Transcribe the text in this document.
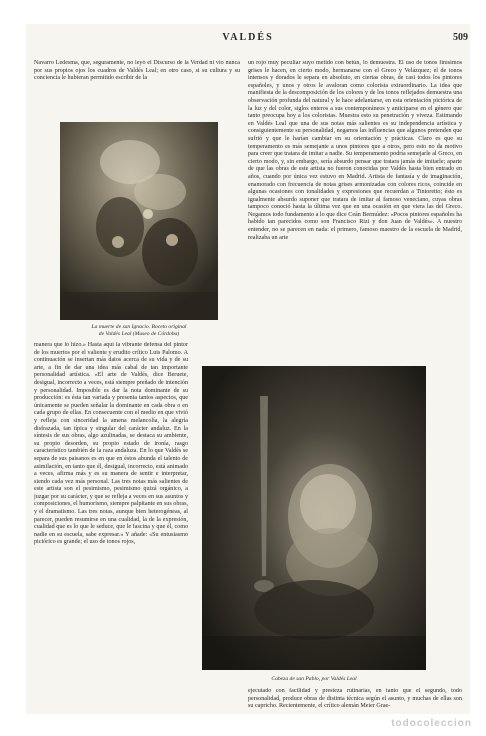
VALDÉS	509

Navarro Ledesma, que, seguramente, no leyó el Discurso de la Verdad ni vio nunca por sus propios ojos los cuadros de Valdés Leal; en otro caso, si su cultura y su conciencia le hubieran permitido escribir de la

La muerte de san Ignacio. Boceto original
de Valdés Leal (Museo de Córdoba)

un rojo muy peculiar suyo metido con betún, lo demuestra. El uso de tonos finísimos grises le hacen, en cierto modo, hermanarse con el Greco y Velázquez; el de tonos intensos y dorados le separa en absoluto, en ciertas obras, de casi todos los pintores españoles, y unos y otros le avaloran como colorista extraordinario. La idea que manifiesta de la descomposición de los colores y de los tonos reflejados demuestra una observación profunda del natural y le hace adelantarse, en esta orientación pictórica de la luz y del color, siglos enteros a sus contemporáneos y anticiparse en el género que tanto preocupa hoy a los coloristas. Muestra esto su penetración y viveza. Estimando en Valdés Leal que una de sus notas más salientes es su independencia artística y consiguientemente su personalidad, negamos las influencias que algunos pretenden que sufrió y que le harían cambiar en su orientación y prácticas. Claro es que su temperamento es más semejante a unos pintores que a otros, pero esto no da motivo para creer que tratara de imitar a nadie. Su temperamento podría semejarle al Greco, en cierto modo, y, sin embargo, sería absurdo pensar que tratara jamás de imitarle; aparte de que las obras de este artista no fueron conocidas por Valdés hasta bien entrado en años, cuando por única vez estuvo en Madrid. Artista de fantasía y de imaginación, enamorado con frecuencia de notas grises armonizadas con colores ricos, coincide en algunas ocasiones con tonalidades y expresiones que recuerdan a Tintoretto; ésto es igualmente absurdo suponer que tratara de imitar al famoso veneciano, cuyas obras tampoco conoció hasta la última vez que en una ocasión en que viera las del Greco. Negamos todo fundamento a lo que dice Ceán Bermúdez: «Pocos pintores españoles ha habido tan parecidos como son Francisco Rizi y don Juan de Valdés». A nuestro entender, no se parecen en nada: el primero, famoso maestro de la escuela de Madrid, realizaba un arte

manera que lo hizo.» Hasta aquí la vibrante defensa del pintor de los muertos por el valiente y erudito crítico Luis Palomo. A continuación se insertan más datos acerca de su vida y de su arte, a fin de dar una idea más cabal de tan importante personalidad artística. «El arte de Valdés, dice Beruete, desigual, incorrecto a veces, está siempre preñado de intención y personalidad. Imposible es dar la nota dominante de su producción: es ésta tan variada y presenta tantos aspectos, que únicamente se pueden señalar la dominante en cada obra o en cada grupo de ellas. En consecuente con el medio en que vivió y refleja con sinceridad la amena melancolía, la alegría disfrazada, tan típica y singular del carácter andaluz. En la síntesis de sus obras, algo azulinadas, se destaca su ambiente, su propio desorden, su propio estado de ironía, rasgo característico también de la raza andaluza. En lo que Valdés se separa de sus paisanos es en que en éstos abunda el talento de asimilación, en tanto que él, desigual, incorrecto, está animado a veces, afirma más y es su manera de sentir e interpretar, siendo cada vez más personal. Las tres notas más salientes de este artista son el pesimismo, pesimismo quizá orgánico, a juzgar por su carácter, y que se refleja a veces en sus asuntos y composiciones, el humorismo, siempre palpitante en sus obras, y el dramatismo. Las tres notas, aunque bien heterogéneas, al parecer, pueden resumirse en una cualidad, la de la expresión, cualidad que es lo que le seduce, que le fascina y que él, como nadie en su escuela, sabe expresar.» Y añade: «Su entusiasmo pictórico es grande; el uso de tonos rojos,

Cabeza de san Pablo, por Valdés Leal

ejecutado con facilidad y presteza rutinarias, en tanto que el segundo, todo personalidad, produce obras de distinta técnica según el asunto, y muchas de ellas son su capricho. Recientemente, el crítico alemán Meier Grae-

todocoleccion
